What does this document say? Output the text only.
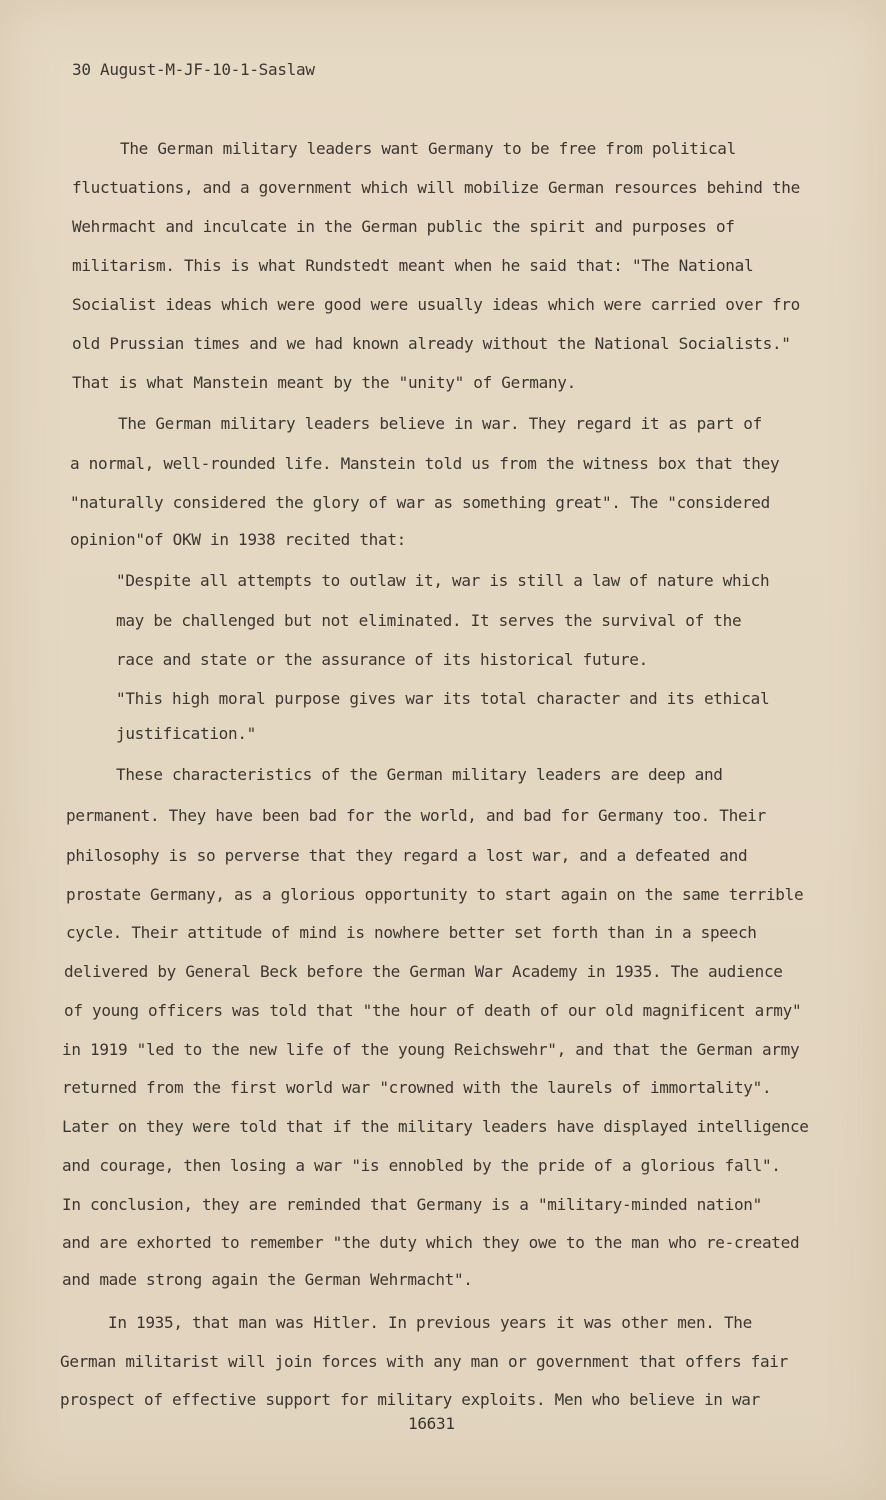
30 August-M-JF-10-1-Saslaw

The German military leaders want Germany to be free from political

fluctuations, and a government which will mobilize German resources behind the

Wehrmacht and inculcate in the German public the spirit and purposes of

militarism. This is what Rundstedt meant when he said that: "The National

Socialist ideas which were good were usually ideas which were carried over fro

old Prussian times and we had known already without the National Socialists."

That is what Manstein meant by the "unity" of Germany.

The German military leaders believe in war. They regard it as part of

a normal, well-rounded life. Manstein told us from the witness box that they

"naturally considered the glory of war as something great". The "considered

opinion"of OKW in 1938 recited that:

"Despite all attempts to outlaw it, war is still a law of nature which

may be challenged but not eliminated. It serves the survival of the

race and state or the assurance of its historical future.

"This high moral purpose gives war its total character and its ethical

justification."

These characteristics of the German military leaders are deep and

permanent. They have been bad for the world, and bad for Germany too. Their

philosophy is so perverse that they regard a lost war, and a defeated and

prostate Germany, as a glorious opportunity to start again on the same terrible

cycle. Their attitude of mind is nowhere better set forth than in a speech

delivered by General Beck before the German War Academy in 1935. The audience

of young officers was told that "the hour of death of our old magnificent army"

in 1919 "led to the new life of the young Reichswehr", and that the German army

returned from the first world war "crowned with the laurels of immortality".

Later on they were told that if the military leaders have displayed intelligence

and courage, then losing a war "is ennobled by the pride of a glorious fall".

In conclusion, they are reminded that Germany is a "military-minded nation"

and are exhorted to remember "the duty which they owe to the man who re-created

and made strong again the German Wehrmacht".

In 1935, that man was Hitler. In previous years it was other men. The

German militarist will join forces with any man or government that offers fair

prospect of effective support for military exploits. Men who believe in war

16631
